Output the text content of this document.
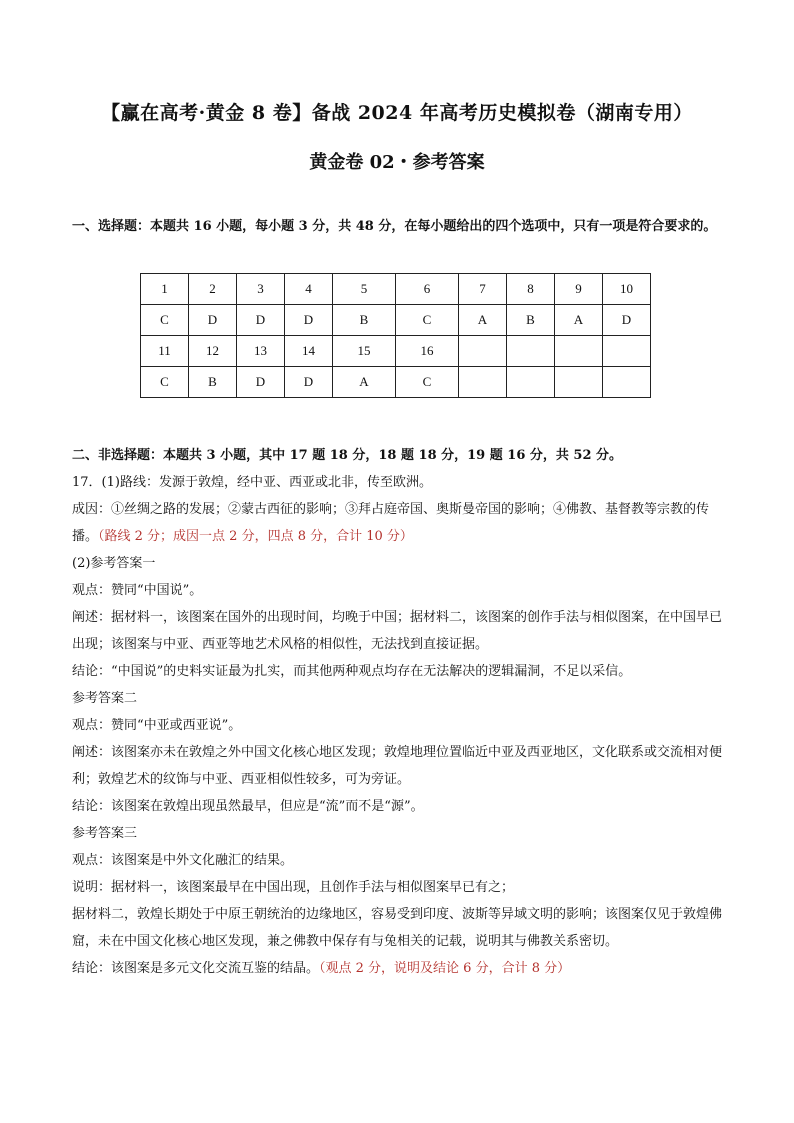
【赢在高考·黄金 8 卷】备战 2024 年高考历史模拟卷（湖南专用）
黄金卷 02・参考答案
一、选择题：本题共 16 小题，每小题 3 分，共 48 分，在每小题给出的四个选项中，只有一项是符合要求的。
1	2	3	4	5	6	7	8	9	10
C	D	D	D	B	C	A	B	A	D
11	12	13	14	15	16				
C	B	D	D	A	C				

二、非选择题：本题共 3 小题，其中 17 题 18 分，18 题 18 分，19 题 16 分，共 52 分。

17．(1)路线：发源于敦煌，经中亚、西亚或北非，传至欧洲。

成因：①丝绸之路的发展；②蒙古西征的影响；③拜占庭帝国、奥斯曼帝国的影响；④佛教、基督教等宗教的传播。（路线 2 分；成因一点 2 分，四点 8 分，合计 10 分）

(2)参考答案一

观点：赞同“中国说”。

阐述：据材料一，该图案在国外的出现时间，均晚于中国；据材料二，该图案的创作手法与相似图案，在中国早已出现；该图案与中亚、西亚等地艺术风格的相似性，无法找到直接证据。

结论：“中国说”的史料实证最为扎实，而其他两种观点均存在无法解决的逻辑漏洞，不足以采信。

参考答案二

观点：赞同“中亚或西亚说”。

阐述：该图案亦未在敦煌之外中国文化核心地区发现；敦煌地理位置临近中亚及西亚地区，文化联系或交流相对便利；敦煌艺术的纹饰与中亚、西亚相似性较多，可为旁证。

结论：该图案在敦煌出现虽然最早，但应是“流”而不是“源”。

参考答案三

观点：该图案是中外文化融汇的结果。

说明：据材料一，该图案最早在中国出现，且创作手法与相似图案早已有之；

据材料二，敦煌长期处于中原王朝统治的边缘地区，容易受到印度、波斯等异域文明的影响；该图案仅见于敦煌佛窟，未在中国文化核心地区发现，兼之佛教中保存有与兔相关的记载，说明其与佛教关系密切。

结论：该图案是多元文化交流互鉴的结晶。（观点 2 分，说明及结论 6 分，合计 8 分）
